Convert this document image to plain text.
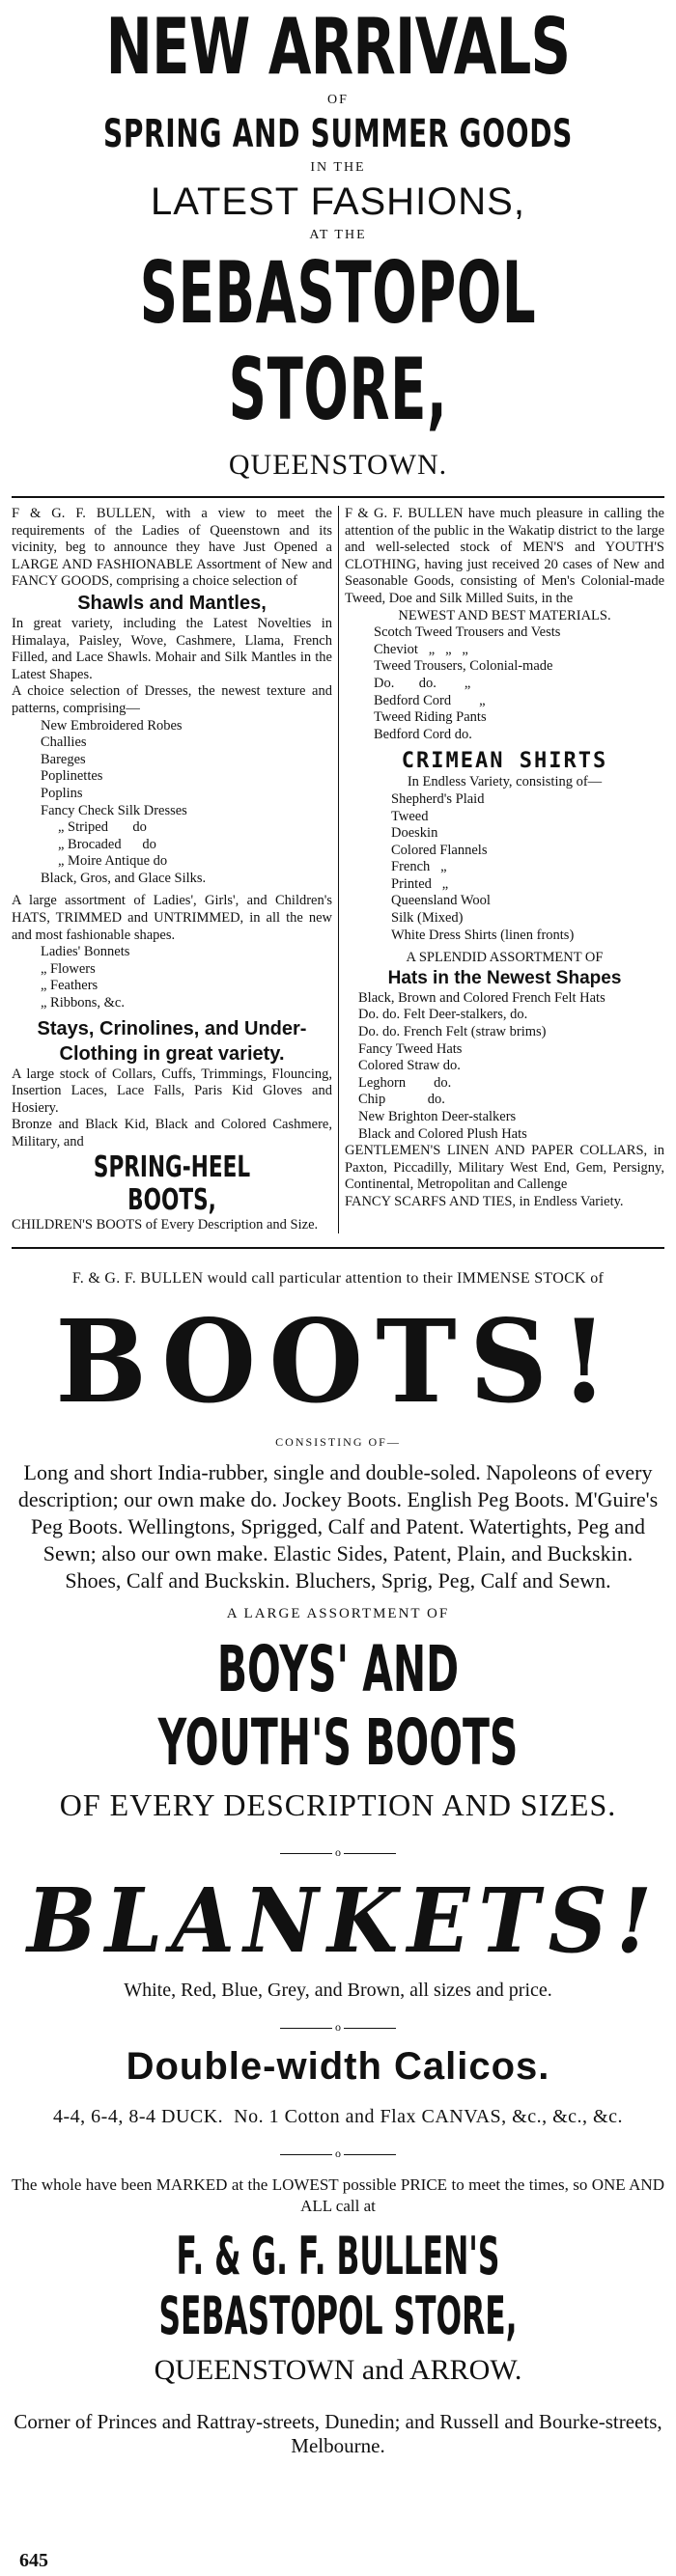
NEW ARRIVALS
OF
SPRING AND SUMMER GOODS
IN THE
LATEST FASHIONS,
AT THE
SEBASTOPOL STORE,
QUEENSTOWN.
F & G. F. BULLEN, with a view to meet the requirements of the Ladies of Queenstown and its vicinity, beg to announce they have Just Opened a LARGE AND FASHIONABLE Assortment of New and FANCY GOODS, comprising a choice selection of
Shawls and Mantles,
In great variety, including the Latest Novelties in Himalaya, Paisley, Wove, Cashmere, Llama, French Filled, and Lace Shawls. Mohair and Silk Mantles in the Latest Shapes.
A choice selection of Dresses, the newest texture and patterns, comprising—
New Embroidered Robes
Challies
Bareges
Poplinettes
Poplins
Fancy Check Silk Dresses
„ Striped       do
„ Brocaded      do
„ Moire Antique do
Black, Gros, and Glace Silks.
A large assortment of Ladies', Girls', and Children's HATS, TRIMMED and UNTRIMMED, in all the new and most fashionable shapes.
Ladies' Bonnets
„ Flowers
„ Feathers
„ Ribbons, &c.
Stays, Crinolines, and Under-Clothing in great variety.
A large stock of Collars, Cuffs, Trimmings, Flouncing, Insertion Laces, Lace Falls, Paris Kid Gloves and Hosiery.
Bronze and Black Kid, Black and Colored Cashmere, Military, and
SPRING-HEEL BOOTS,
CHILDREN'S BOOTS of Every Description and Size.
F & G. F. BULLEN have much pleasure in calling the attention of the public in the Wakatip district to the large and well-selected stock of MEN'S and YOUTH'S CLOTHING, having just received 20 cases of New and Seasonable Goods, consisting of Men's Colonial-made Tweed, Doe and Silk Milled Suits, in the
NEWEST AND BEST MATERIALS.
Scotch Tweed Trousers and Vests
Cheviot   „   „   „
Tweed Trousers, Colonial-made
Do.       do.        „
Bedford Cord        „
Tweed Riding Pants
Bedford Cord do.
CRIMEAN SHIRTS
In Endless Variety, consisting of—
Shepherd's Plaid
Tweed
Doeskin
Colored Flannels
French   „
Printed   „
Queensland Wool
Silk (Mixed)
White Dress Shirts (linen fronts)
A SPLENDID ASSORTMENT OF
Hats in the Newest Shapes
Black, Brown and Colored French Felt Hats
Do. do. Felt Deer-stalkers, do.
Do. do. French Felt (straw brims)
Fancy Tweed Hats
Colored Straw do.
Leghorn        do.
Chip            do.
New Brighton Deer-stalkers
Black and Colored Plush Hats
GENTLEMEN'S LINEN AND PAPER COLLARS, in Paxton, Piccadilly, Military West End, Gem, Persigny, Continental, Metropolitan and Callenge
FANCY SCARFS AND TIES, in Endless Variety.
F. & G. F. BULLEN would call particular attention to their IMMENSE STOCK of
BOOTS!
CONSISTING OF—
Long and short India-rubber, single and double-soled. Napoleons of every description; our own make do. Jockey Boots. English Peg Boots. M'Guire's Peg Boots. Wellingtons, Sprigged, Calf and Patent. Watertights, Peg and Sewn; also our own make. Elastic Sides, Patent, Plain, and Buckskin. Shoes, Calf and Buckskin. Bluchers, Sprig, Peg, Calf and Sewn.
A LARGE ASSORTMENT OF
BOYS' AND YOUTH'S BOOTS
OF EVERY DESCRIPTION AND SIZES.
o
BLANKETS!
White, Red, Blue, Grey, and Brown, all sizes and price.
o
Double-width Calicos.
4-4, 6-4, 8-4 DUCK.  No. 1 Cotton and Flax CANVAS, &c., &c., &c.
o
The whole have been MARKED at the LOWEST possible PRICE to meet the times, so ONE AND ALL call at
F. & G. F. BULLEN'S SEBASTOPOL STORE,
QUEENSTOWN and ARROW.
Corner of Princes and Rattray-streets, Dunedin; and Russell and Bourke-streets, Melbourne.
645
